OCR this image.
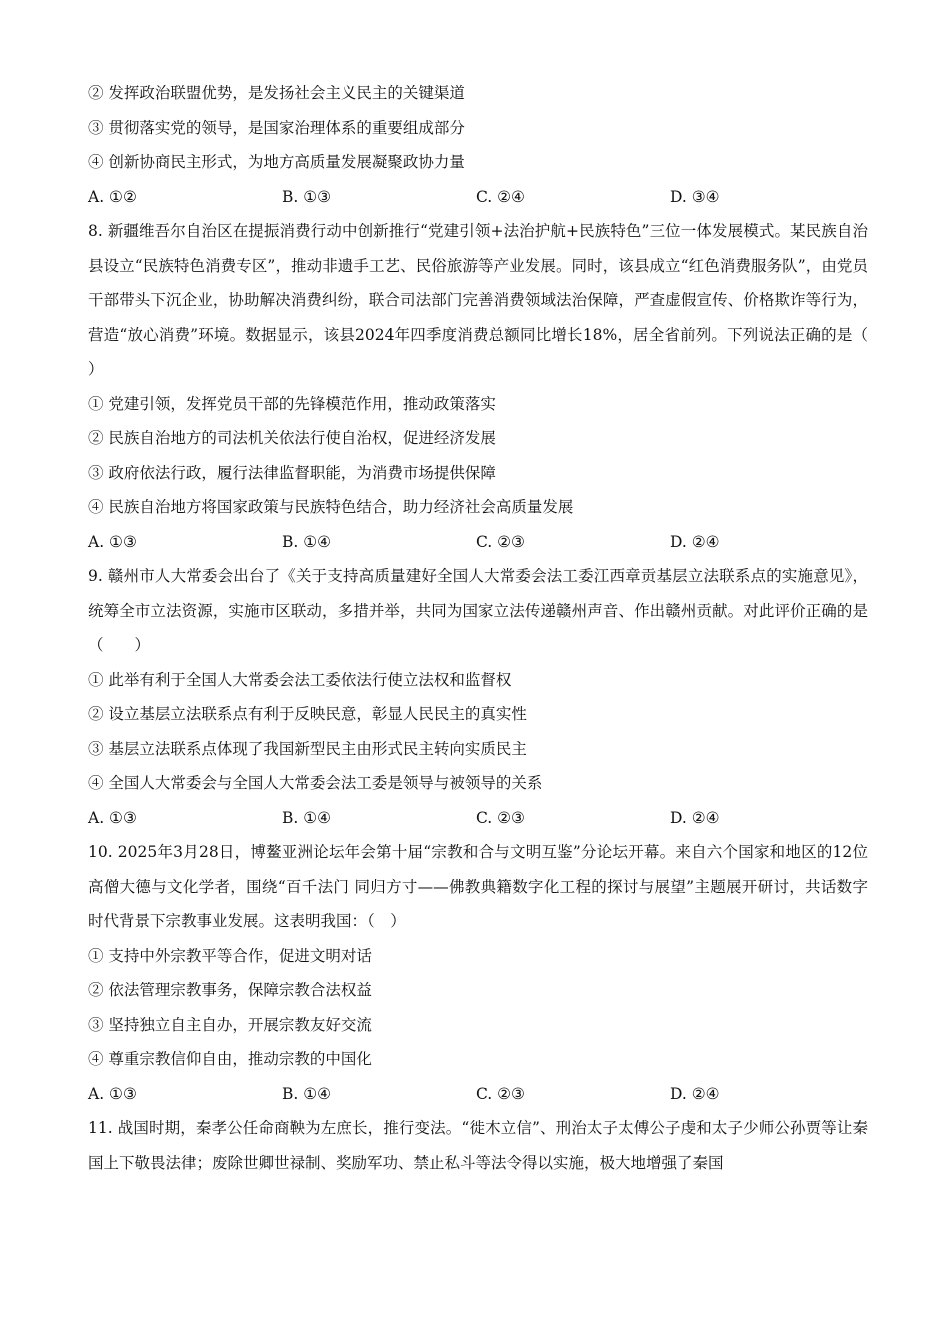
② 发挥政治联盟优势，是发扬社会主义民主的关键渠道
③ 贯彻落实党的领导，是国家治理体系的重要组成部分
④ 创新协商民主形式，为地方高质量发展凝聚政协力量
A. ①②	B. ①③	C. ②④	D. ③④
8. 新疆维吾尔自治区在提振消费行动中创新推行“党建引领+法治护航+民族特色”三位一体发展模式。某民族自治县设立“民族特色消费专区”，推动非遗手工艺、民俗旅游等产业发展。同时，该县成立“红色消费服务队”，由党员干部带头下沉企业，协助解决消费纠纷，联合司法部门完善消费领域法治保障，严查虚假宣传、价格欺诈等行为，营造“放心消费”环境。数据显示，该县2024年四季度消费总额同比增长18%，居全省前列。下列说法正确的是（　　）
① 党建引领，发挥党员干部的先锋模范作用，推动政策落实
② 民族自治地方的司法机关依法行使自治权，促进经济发展
③ 政府依法行政，履行法律监督职能，为消费市场提供保障
④ 民族自治地方将国家政策与民族特色结合，助力经济社会高质量发展
A. ①③	B. ①④	C. ②③	D. ②④
9. 赣州市人大常委会出台了《关于支持高质量建好全国人大常委会法工委江西章贡基层立法联系点的实施意见》，统筹全市立法资源，实施市区联动，多措并举，共同为国家立法传递赣州声音、作出赣州贡献。对此评价正确的是（　　）
① 此举有利于全国人大常委会法工委依法行使立法权和监督权
② 设立基层立法联系点有利于反映民意，彰显人民民主的真实性
③ 基层立法联系点体现了我国新型民主由形式民主转向实质民主
④ 全国人大常委会与全国人大常委会法工委是领导与被领导的关系
A. ①③	B. ①④	C. ②③	D. ②④
10. 2025年3月28日，博鳌亚洲论坛年会第十届“宗教和合与文明互鉴”分论坛开幕。来自六个国家和地区的12位高僧大德与文化学者，围绕“百千法门 同归方寸——佛教典籍数字化工程的探讨与展望”主题展开研讨，共话数字时代背景下宗教事业发展。这表明我国：（　）
① 支持中外宗教平等合作，促进文明对话
② 依法管理宗教事务，保障宗教合法权益
③ 坚持独立自主自办，开展宗教友好交流
④ 尊重宗教信仰自由，推动宗教的中国化
A. ①③	B. ①④	C. ②③	D. ②④
11. 战国时期，秦孝公任命商鞅为左庶长，推行变法。“徙木立信”、刑治太子太傅公子虔和太子少师公孙贾等让秦国上下敬畏法律；废除世卿世禄制、奖励军功、禁止私斗等法令得以实施，极大地增强了秦国
